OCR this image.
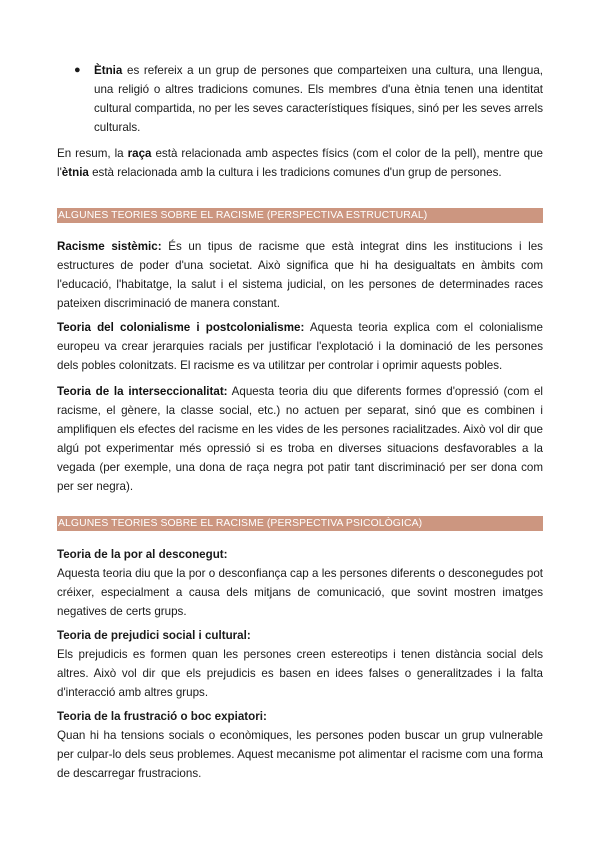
●	Ètnia es refereix a un grup de persones que comparteixen una cultura, una llengua, una religió o altres tradicions comunes. Els membres d'una ètnia tenen una identitat cultural compartida, no per les seves característiques físiques, sinó per les seves arrels culturals.

En resum, la raça està relacionada amb aspectes físics (com el color de la pell), mentre que l'ètnia està relacionada amb la cultura i les tradicions comunes d'un grup de persones.

ALGUNES TEORIES SOBRE EL RACISME (PERSPECTIVA ESTRUCTURAL)

Racisme sistèmic: És un tipus de racisme que està integrat dins les institucions i les estructures de poder d'una societat. Això significa que hi ha desigualtats en àmbits com l'educació, l'habitatge, la salut i el sistema judicial, on les persones de determinades races pateixen discriminació de manera constant.

Teoria del colonialisme i postcolonialisme: Aquesta teoria explica com el colonialisme europeu va crear jerarquies racials per justificar l'explotació i la dominació de les persones dels pobles colonitzats. El racisme es va utilitzar per controlar i oprimir aquests pobles.

Teoria de la interseccionalitat: Aquesta teoria diu que diferents formes d'opressió (com el racisme, el gènere, la classe social, etc.) no actuen per separat, sinó que es combinen i amplifiquen els efectes del racisme en les vides de les persones racialitzades. Això vol dir que algú pot experimentar més opressió si es troba en diverses situacions desfavorables a la vegada (per exemple, una dona de raça negra pot patir tant discriminació per ser dona com per ser negra).

ALGUNES TEORIES SOBRE EL RACISME (PERSPECTIVA PSICOLÒGICA)
Teoria de la por al desconegut:

Aquesta teoria diu que la por o desconfiança cap a les persones diferents o desconegudes pot créixer, especialment a causa dels mitjans de comunicació, que sovint mostren imatges negatives de certs grups.

Teoria de prejudici social i cultural:

Els prejudicis es formen quan les persones creen estereotips i tenen distància social dels altres. Això vol dir que els prejudicis es basen en idees falses o generalitzades i la falta d'interacció amb altres grups.

Teoria de la frustració o boc expiatori:

Quan hi ha tensions socials o econòmiques, les persones poden buscar un grup vulnerable per culpar-lo dels seus problemes. Aquest mecanisme pot alimentar el racisme com una forma de descarregar frustracions.
